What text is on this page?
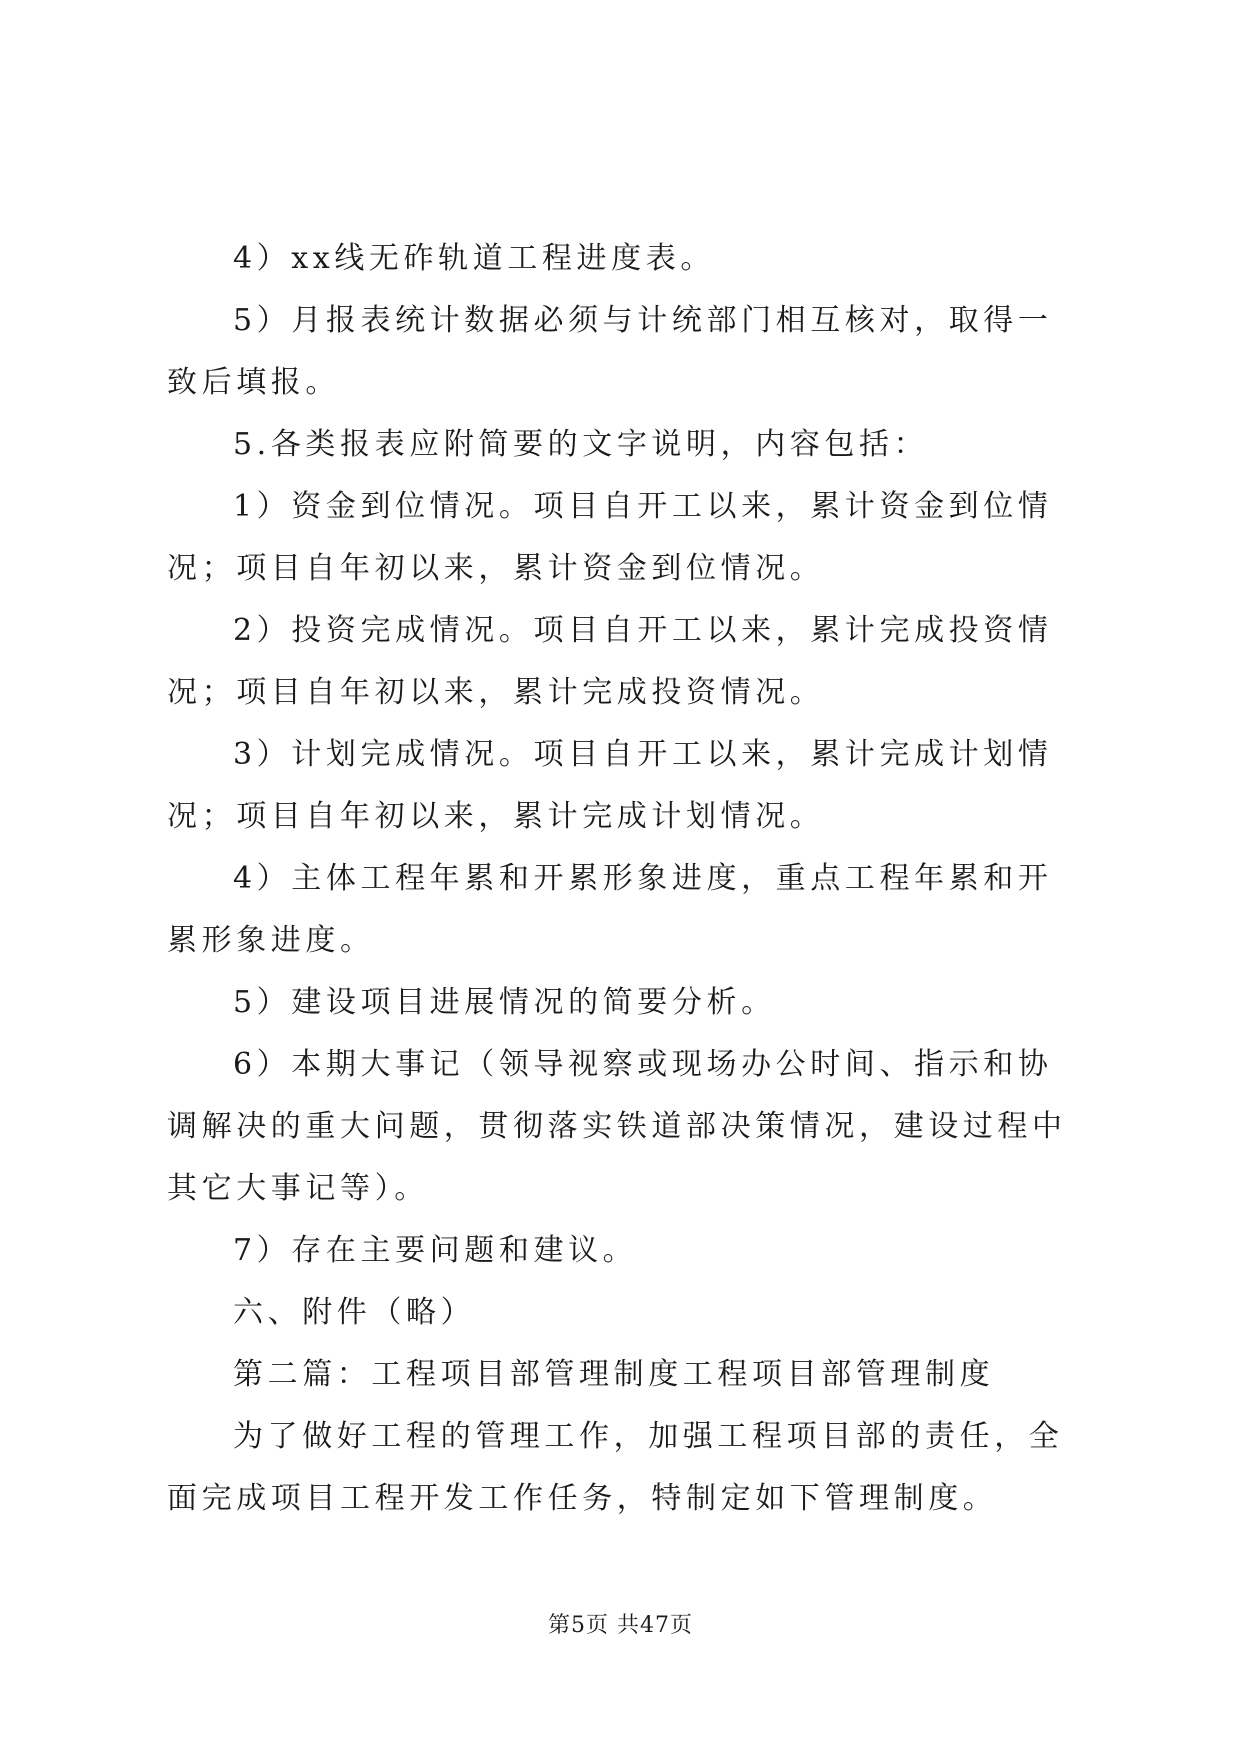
4）xx线无砟轨道工程进度表。

5）月报表统计数据必须与计统部门相互核对，取得一致后填报。

5.各类报表应附简要的文字说明，内容包括：

1）资金到位情况。项目自开工以来，累计资金到位情况；项目自年初以来，累计资金到位情况。

2）投资完成情况。项目自开工以来，累计完成投资情况；项目自年初以来，累计完成投资情况。

3）计划完成情况。项目自开工以来，累计完成计划情况；项目自年初以来，累计完成计划情况。

4）主体工程年累和开累形象进度，重点工程年累和开累形象进度。

5）建设项目进展情况的简要分析。

6）本期大事记（领导视察或现场办公时间、指示和协调解决的重大问题，贯彻落实铁道部决策情况，建设过程中其它大事记等）。

7）存在主要问题和建议。

六、附件（略）

第二篇：工程项目部管理制度工程项目部管理制度

为了做好工程的管理工作，加强工程项目部的责任，全面完成项目工程开发工作任务，特制定如下管理制度。

第5页 共47页
